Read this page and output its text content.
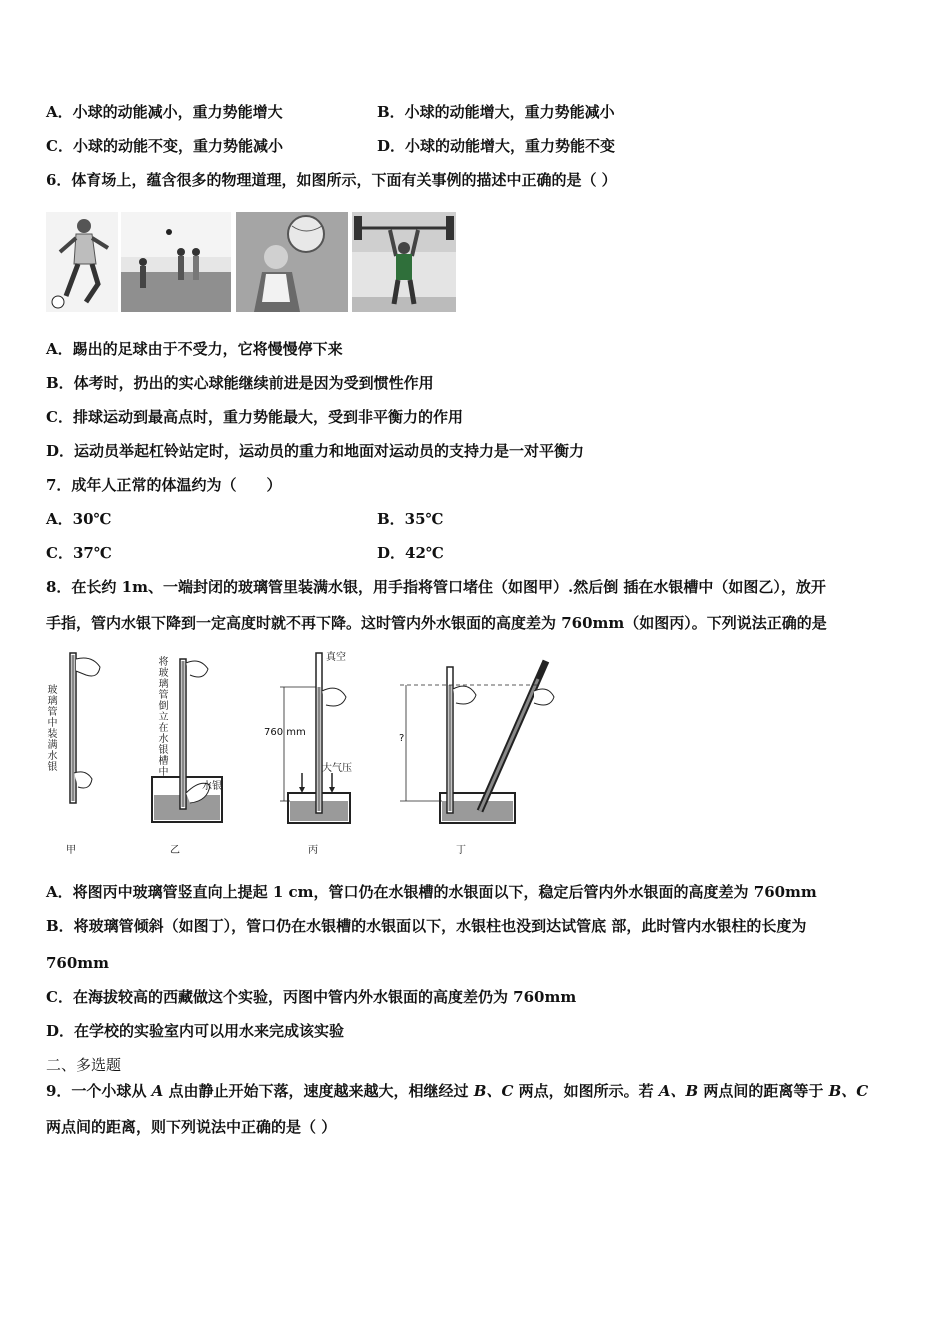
A．小球的动能减小，重力势能增大	B．小球的动能增大，重力势能减小
C．小球的动能不变，重力势能减小	D．小球的动能增大，重力势能不变
6．体育场上，蕴含很多的物理道理，如图所示，下面有关事例的描述中正确的是（ ）
A．踢出的足球由于不受力，它将慢慢停下来
B．体考时，扔出的实心球能继续前进是因为受到惯性作用
C．排球运动到最高点时，重力势能最大，受到非平衡力的作用
D．运动员举起杠铃站定时，运动员的重力和地面对运动员的支持力是一对平衡力
7．成年人正常的体温约为（　　）
A．30℃	B．35℃
C．37℃	D．42℃
8．在长约 1m、一端封闭的玻璃管里装满水银，用手指将管口堵住（如图甲）.然后倒 插在水银槽中（如图乙），放开
手指，管内水银下降到一定高度时就不再下降。这时管内外水银面的高度差为 760mm（如图丙）。下列说法正确的是
玻璃管中装满水银
将玻璃管倒立在水银槽中
水银
真空
760 mm
大气压
?
甲	乙	丙	丁
A．将图丙中玻璃管竖直向上提起 1 cm，管口仍在水银槽的水银面以下，稳定后管内外水银面的高度差为 760mm
B．将玻璃管倾斜（如图丁），管口仍在水银槽的水银面以下，水银柱也没到达试管底 部，此时管内水银柱的长度为
760mm
C．在海拔较高的西藏做这个实验，丙图中管内外水银面的高度差仍为 760mm
D．在学校的实验室内可以用水来完成该实验
二、多选题
9．一个小球从 A 点由静止开始下落，速度越来越大，相继经过 B、C 两点，如图所示。若 A、B 两点间的距离等于 B、C
两点间的距离，则下列说法中正确的是（ ）
